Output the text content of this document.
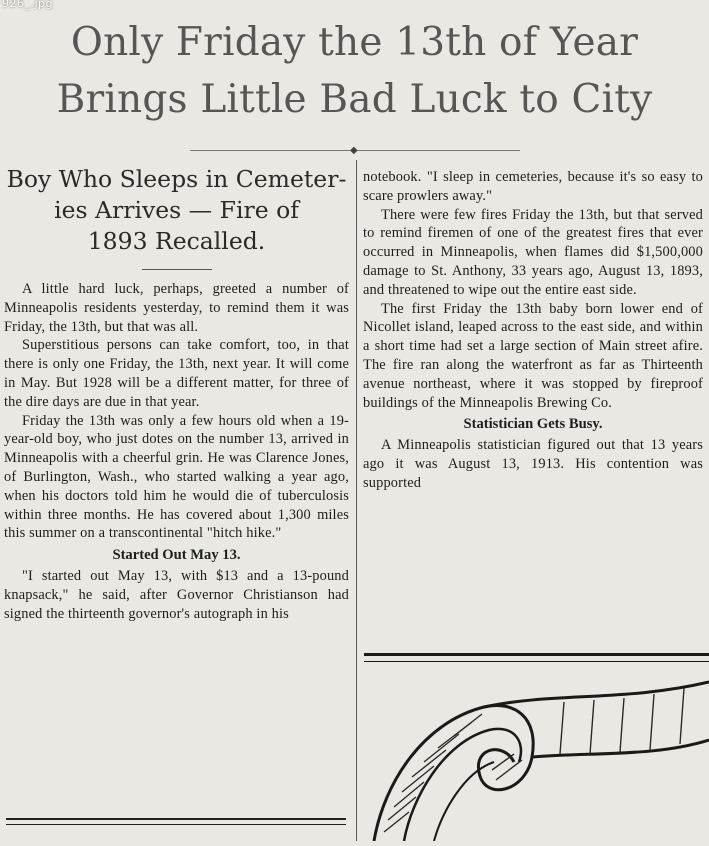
926_.jpg
Only Friday the 13th of Year
Brings Little Bad Luck to City
◆
Boy Who Sleeps in Cemeter-
ies Arrives — Fire of
1893 Recalled.

A little hard luck, perhaps, greeted a number of Minneapolis residents yesterday, to remind them it was Friday, the 13th, but that was all.

Superstitious persons can take comfort, too, in that there is only one Friday, the 13th, next year. It will come in May. But 1928 will be a different matter, for three of the dire days are due in that year.

Friday the 13th was only a few hours old when a 19-year-old boy, who just dotes on the number 13, arrived in Minneapolis with a cheerful grin. He was Clarence Jones, of Burlington, Wash., who started walking a year ago, when his doctors told him he would die of tuberculosis within three months. He has covered about 1,300 miles this summer on a transcontinental "hitch hike."

Started Out May 13.

"I started out May 13, with $13 and a 13-pound knapsack," he said, after Governor Christianson had signed the thirteenth governor's autograph in his

notebook. "I sleep in cemeteries, because it's so easy to scare prowlers away."

There were few fires Friday the 13th, but that served to remind firemen of one of the greatest fires that ever occurred in Minneapolis, when flames did $1,500,000 damage to St. Anthony, 33 years ago, August 13, 1893, and threatened to wipe out the entire east side.

The first Friday the 13th baby born lower end of Nicollet island, leaped across to the east side, and within a short time had set a large section of Main street afire. The fire ran along the waterfront as far as Thirteenth avenue northeast, where it was stopped by fireproof buildings of the Minneapolis Brewing Co.

Statistician Gets Busy.

A Minneapolis statistician figured out that 13 years ago it was August 13, 1913. His contention was supported
